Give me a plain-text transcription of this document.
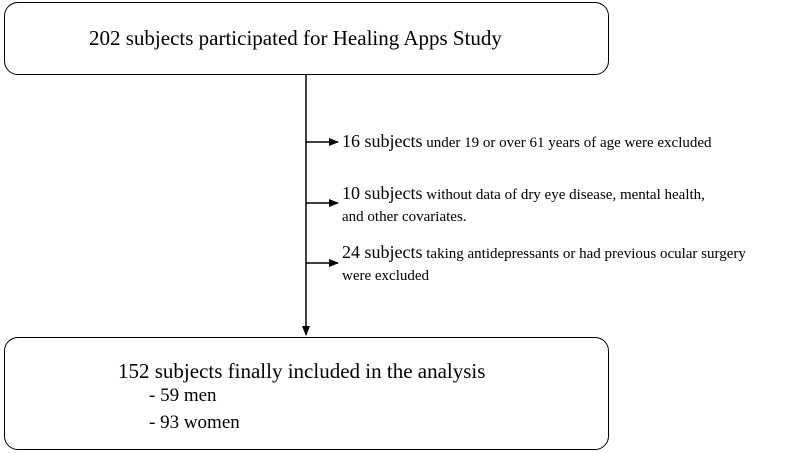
202 subjects participated for Healing Apps Study
16 subjects under 19 or over 61 years of age were excluded
10 subjects without data of dry eye disease, mental health,
and other covariates.
24 subjects taking antidepressants or had previous ocular surgery
were excluded
152 subjects finally included in the analysis
- 59 men
- 93 women
